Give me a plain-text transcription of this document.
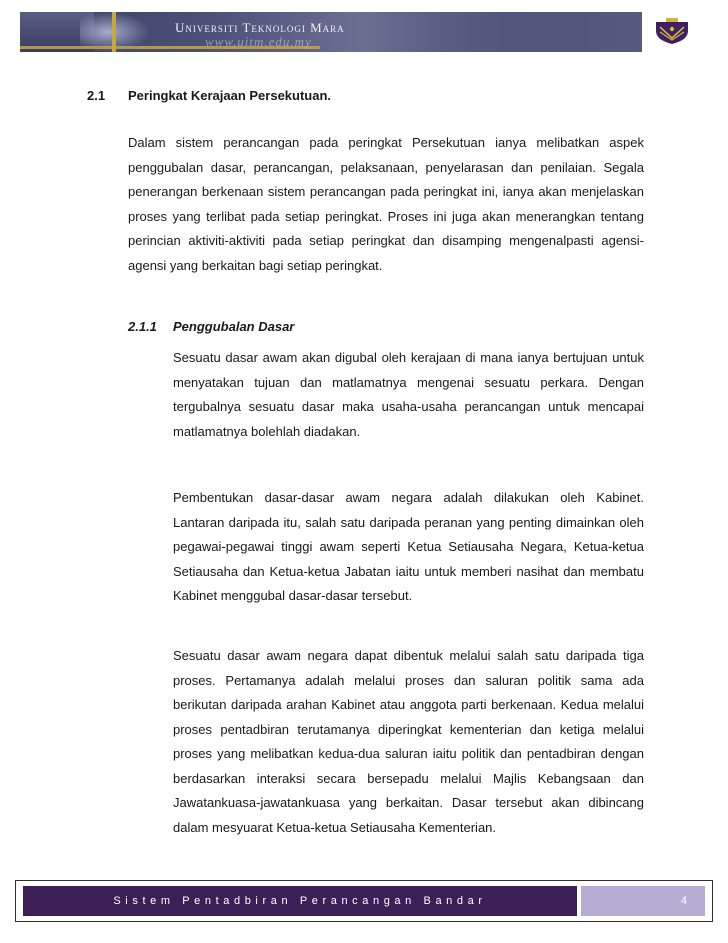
Universiti Teknologi Mara
www.uitm.edu.my
2.1 Peringkat Kerajaan Persekutuan.
Dalam sistem perancangan pada peringkat Persekutuan ianya melibatkan aspek penggubalan dasar, perancangan, pelaksanaan, penyelarasan dan penilaian. Segala penerangan berkenaan sistem perancangan pada peringkat ini, ianya akan menjelaskan proses yang terlibat pada setiap peringkat. Proses ini juga akan menerangkan tentang perincian aktiviti-aktiviti pada setiap peringkat dan disamping mengenalpasti agensi-agensi yang berkaitan bagi setiap peringkat.
2.1.1 Penggubalan Dasar
Sesuatu dasar awam akan digubal oleh kerajaan di mana ianya bertujuan untuk menyatakan tujuan dan matlamatnya mengenai sesuatu perkara. Dengan tergubalnya sesuatu dasar maka usaha-usaha perancangan untuk mencapai matlamatnya bolehlah diadakan.
Pembentukan dasar-dasar awam negara adalah dilakukan oleh Kabinet. Lantaran daripada itu, salah satu daripada peranan yang penting dimainkan oleh pegawai-pegawai tinggi awam seperti Ketua Setiausaha Negara, Ketua-ketua Setiausaha dan Ketua-ketua Jabatan iaitu untuk memberi nasihat dan membatu Kabinet menggubal dasar-dasar tersebut.
Sesuatu dasar awam negara dapat dibentuk melalui salah satu daripada tiga proses. Pertamanya adalah melalui proses dan saluran politik sama ada berikutan daripada arahan Kabinet atau anggota parti berkenaan. Kedua melalui proses pentadbiran terutamanya diperingkat kementerian dan ketiga melalui proses yang melibatkan kedua-dua saluran iaitu politik dan pentadbiran dengan berdasarkan interaksi secara bersepadu melalui Majlis Kebangsaan dan Jawatankuasa-jawatankuasa yang berkaitan. Dasar tersebut akan dibincang dalam mesyuarat Ketua-ketua Setiausaha Kementerian.
Sistem Pentadbiran Perancangan Bandar	4
